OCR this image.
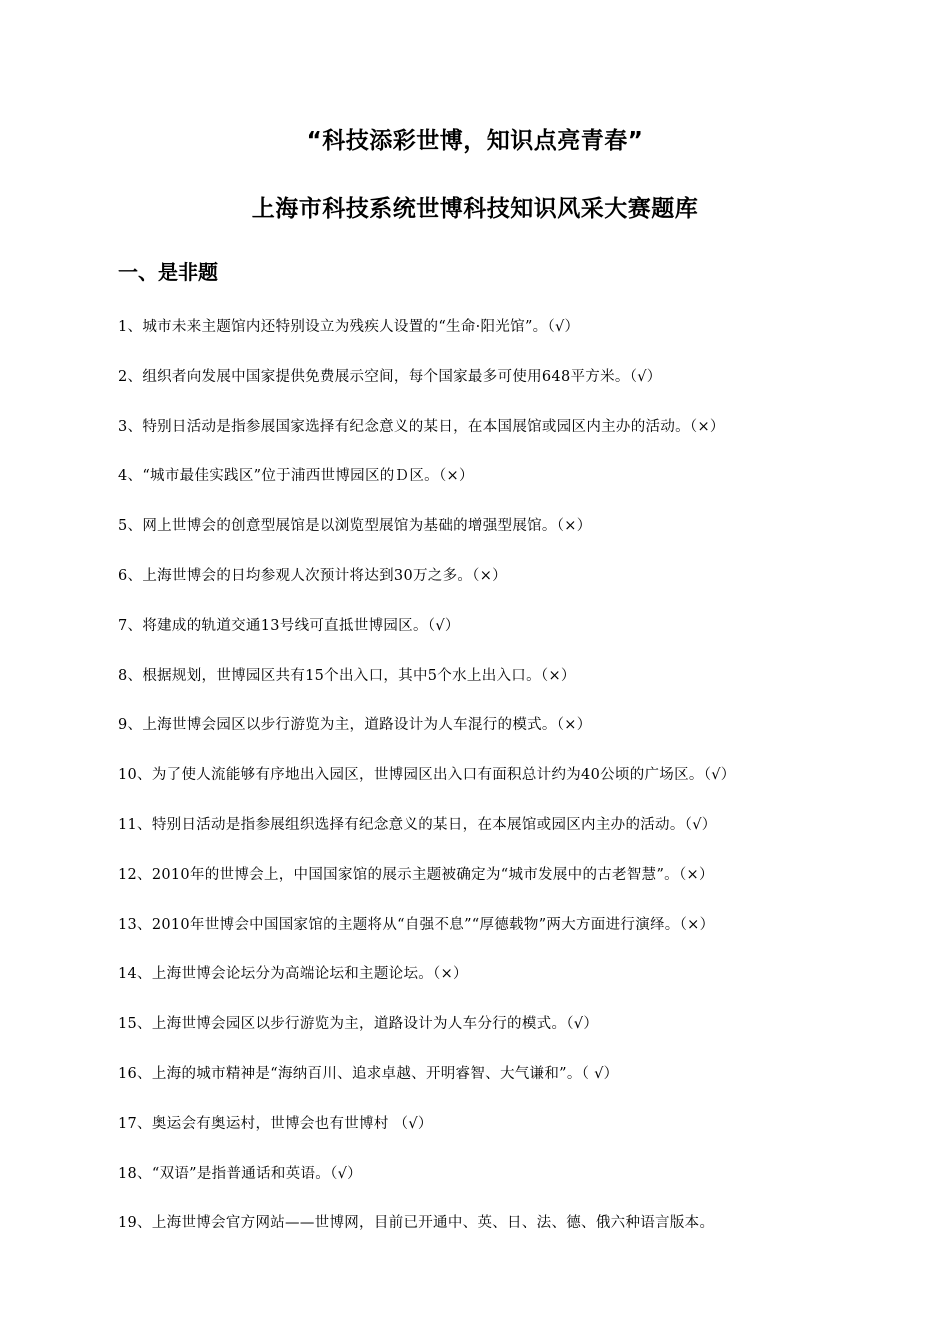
“科技添彩世博，知识点亮青春”
上海市科技系统世博科技知识风采大赛题库
一、是非题
1、城市未来主题馆内还特别设立为残疾人设置的“生命·阳光馆”。（√）
2、组织者向发展中国家提供免费展示空间，每个国家最多可使用648平方米。（√）
3、特别日活动是指参展国家选择有纪念意义的某日，在本国展馆或园区内主办的活动。（×）
4、“城市最佳实践区”位于浦西世博园区的Ｄ区。（×）
5、网上世博会的创意型展馆是以浏览型展馆为基础的增强型展馆。（×）
6、上海世博会的日均参观人次预计将达到30万之多。（×）
7、将建成的轨道交通13号线可直抵世博园区。（√）
8、根据规划，世博园区共有15个出入口，其中5个水上出入口。（×）
9、上海世博会园区以步行游览为主，道路设计为人车混行的模式。（×）
10、为了使人流能够有序地出入园区，世博园区出入口有面积总计约为40公顷的广场区。（√）
11、特别日活动是指参展组织选择有纪念意义的某日，在本展馆或园区内主办的活动。（√）
12、2010年的世博会上，中国国家馆的展示主题被确定为“城市发展中的古老智慧”。（×）
13、2010年世博会中国国家馆的主题将从“自强不息”“厚德载物”两大方面进行演绎。（×）
14、上海世博会论坛分为高端论坛和主题论坛。（×）
15、上海世博会园区以步行游览为主，道路设计为人车分行的模式。（√）
16、上海的城市精神是“海纳百川、追求卓越、开明睿智、大气谦和”。（ √）
17、奥运会有奥运村，世博会也有世博村 （√）
18、“双语”是指普通话和英语。（√）
19、上海世博会官方网站——世博网，目前已开通中、英、日、法、德、俄六种语言版本。
